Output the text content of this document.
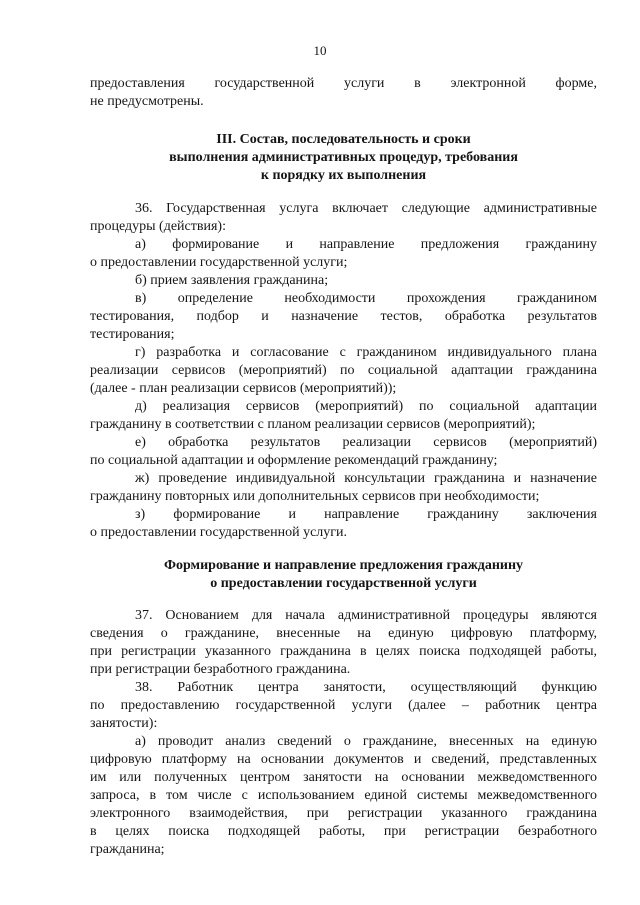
10
предоставления государственной услуги в электронной форме,
не предусмотрены.
III. Состав, последовательность и сроки
выполнения административных процедур, требования
к порядку их выполнения
36. Государственная услуга включает следующие административные
процедуры (действия):
а) формирование и направление предложения гражданину
о предоставлении государственной услуги;
б) прием заявления гражданина;
в) определение необходимости прохождения гражданином
тестирования, подбор и назначение тестов, обработка результатов
тестирования;
г) разработка и согласование с гражданином индивидуального плана
реализации сервисов (мероприятий) по социальной адаптации гражданина
(далее - план реализации сервисов (мероприятий));
д) реализация сервисов (мероприятий) по социальной адаптации
гражданину в соответствии с планом реализации сервисов (мероприятий);
е) обработка результатов реализации сервисов (мероприятий)
по социальной адаптации и оформление рекомендаций гражданину;
ж) проведение индивидуальной консультации гражданина и назначение
гражданину повторных или дополнительных сервисов при необходимости;
з) формирование и направление гражданину заключения
о предоставлении государственной услуги.
Формирование и направление предложения гражданину
о предоставлении государственной услуги
37. Основанием для начала административной процедуры являются
сведения о гражданине, внесенные на единую цифровую платформу,
при регистрации указанного гражданина в целях поиска подходящей работы,
при регистрации безработного гражданина.
38. Работник центра занятости, осуществляющий функцию
по предоставлению государственной услуги (далее – работник центра
занятости):
а) проводит анализ сведений о гражданине, внесенных на единую
цифровую платформу на основании документов и сведений, представленных
им или полученных центром занятости на основании межведомственного
запроса, в том числе с использованием единой системы межведомственного
электронного взаимодействия, при регистрации указанного гражданина
в целях поиска подходящей работы, при регистрации безработного
гражданина;
